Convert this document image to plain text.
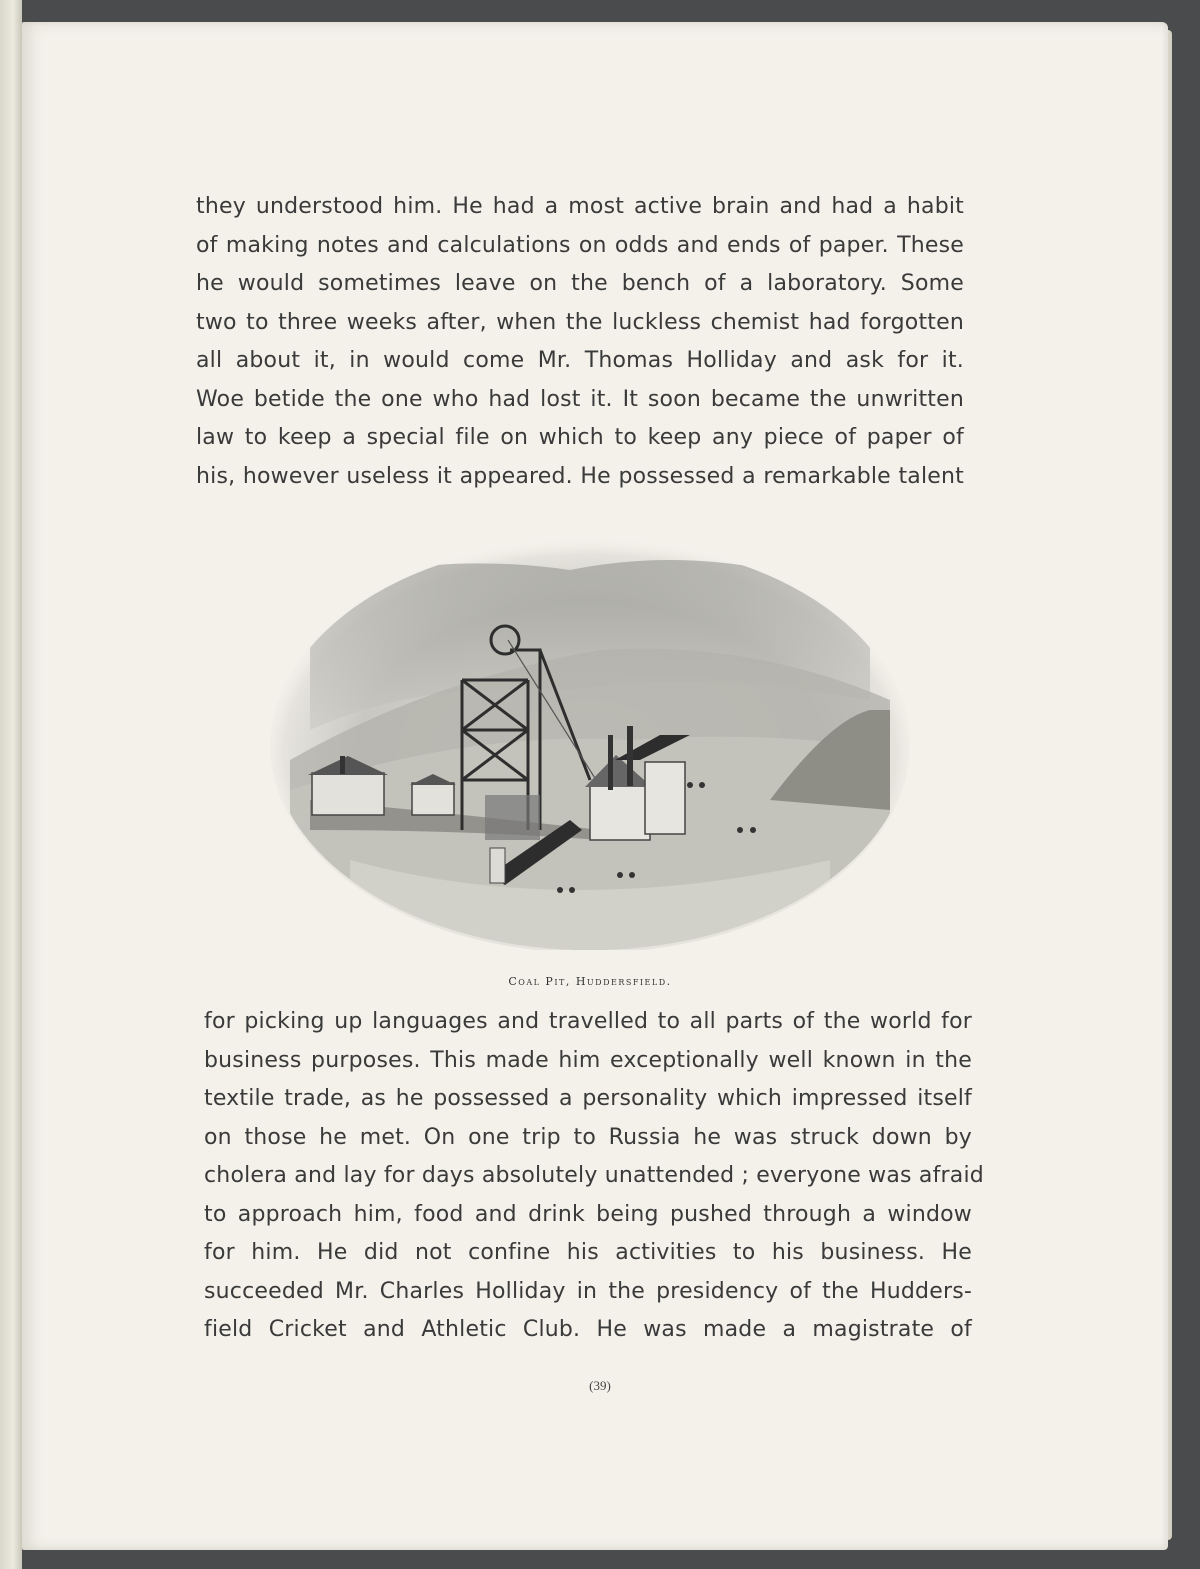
they understood him. He had a most active brain and had a habit
of making notes and calculations on odds and ends of paper. These
he would sometimes leave on the bench of a laboratory. Some
two to three weeks after, when the luckless chemist had forgotten
all about it, in would come Mr. Thomas Holliday and ask for it.
Woe betide the one who had lost it. It soon became the unwritten
law to keep a special file on which to keep any piece of paper of
his, however useless it appeared. He possessed a remarkable talent

Coal Pit, Huddersfield.

for picking up languages and travelled to all parts of the world for
business purposes. This made him exceptionally well known in the
textile trade, as he possessed a personality which impressed itself
on those he met. On one trip to Russia he was struck down by
cholera and lay for days absolutely unattended ; everyone was afraid
to approach him, food and drink being pushed through a window
for him. He did not confine his activities to his business. He
succeeded Mr. Charles Holliday in the presidency of the Hudders-
field Cricket and Athletic Club. He was made a magistrate of

(39)
